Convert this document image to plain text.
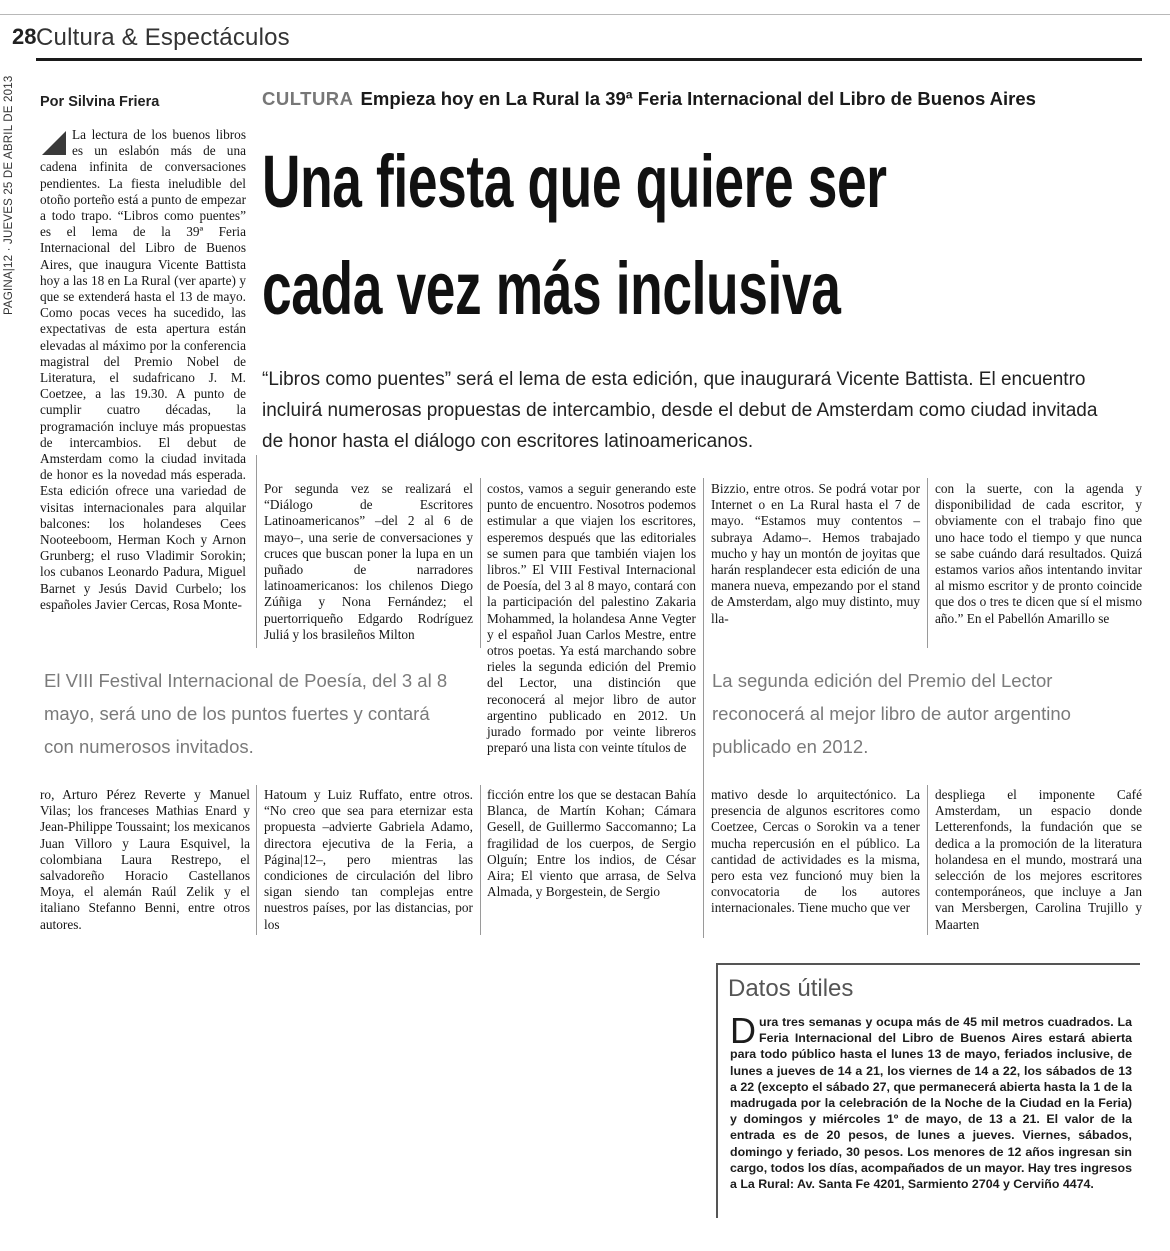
28 Cultura & Espectáculos
PAGINA|12 · JUEVES 25 DE ABRIL DE 2013 Por Silvina Friera	CULTURA Empieza hoy en La Rural la 39ª Feria Internacional del Libro de Buenos Aires
Una fiesta que quiere ser
cada vez más inclusiva
“Libros como puentes” será el lema de esta edición, que inaugurará Vicente Battista. El encuentro incluirá numerosas propuestas de intercambio, desde el debut de Amsterdam como ciudad invitada de honor hasta el diálogo con escritores latinoamericanos.
La lectura de los buenos libros es un eslabón más de una cadena infinita de conversaciones pendientes. La fiesta ineludible del otoño porteño está a punto de empezar a todo trapo. “Libros como puentes” es el lema de la 39ª Feria Internacional del Libro de Buenos Aires, que inaugura Vicente Battista hoy a las 18 en La Rural (ver aparte) y que se extenderá hasta el 13 de mayo. Como pocas veces ha sucedido, las expectativas de esta apertura están elevadas al máximo por la conferencia magistral del Premio Nobel de Literatura, el sudafricano J. M. Coetzee, a las 19.30. A punto de cumplir cuatro décadas, la programación incluye más propuestas de intercambios. El debut de Amsterdam como la ciudad invitada de honor es la novedad más esperada. Esta edición ofrece una variedad de visitas internacionales para alquilar balcones: los holandeses Cees Nooteeboom, Herman Koch y Arnon Grunberg; el ruso Vladimir Sorokin; los cubanos Leonardo Padura, Miguel Barnet y Jesús David Curbelo; los españoles Javier Cercas, Rosa Monte-
Por segunda vez se realizará el “Diálogo de Escritores Latinoamericanos” –del 2 al 6 de mayo–, una serie de conversaciones y cruces que buscan poner la lupa en un puñado de narradores latinoamericanos: los chilenos Diego Zúñiga y Nona Fernández; el puertorriqueño Edgardo Rodríguez Juliá y los brasileños Milton
costos, vamos a seguir generando este punto de encuentro. Nosotros podemos estimular a que viajen los escritores, esperemos después que las editoriales se sumen para que también viajen los libros.” El VIII Festival Internacional de Poesía, del 3 al 8 mayo, contará con la participación del palestino Zakaria Mohammed, la holandesa Anne Vegter y el español Juan Carlos Mestre, entre otros poetas. Ya está marchando sobre rieles la segunda edición del Premio del Lector, una distinción que reconocerá al mejor libro de autor argentino publicado en 2012. Un jurado formado por veinte libreros preparó una lista con veinte títulos de
Bizzio, entre otros. Se podrá votar por Internet o en La Rural hasta el 7 de mayo. “Estamos muy contentos –subraya Adamo–. Hemos trabajado mucho y hay un montón de joyitas que harán resplandecer esta edición de una manera nueva, empezando por el stand de Amsterdam, algo muy distinto, muy lla-
con la suerte, con la agenda y disponibilidad de cada escritor, y obviamente con el trabajo fino que uno hace todo el tiempo y que nunca se sabe cuándo dará resultados. Quizá estamos varios años intentando invitar al mismo escritor y de pronto coincide que dos o tres te dicen que sí el mismo año.” En el Pabellón Amarillo se
El VIII Festival Internacional de Poesía, del 3 al 8 mayo, será uno de los puntos fuertes y contará con numerosos invitados.
La segunda edición del Premio del Lector reconocerá al mejor libro de autor argentino publicado en 2012.
ro, Arturo Pérez Reverte y Manuel Vilas; los franceses Mathias Enard y Jean-Philippe Toussaint; los mexicanos Juan Villoro y Laura Esquivel, la colombiana Laura Restrepo, el salvadoreño Horacio Castellanos Moya, el alemán Raúl Zelik y el italiano Stefanno Benni, entre otros autores.
Hatoum y Luiz Ruffato, entre otros. “No creo que sea para eternizar esta propuesta –advierte Gabriela Adamo, directora ejecutiva de la Feria, a Página|12–, pero mientras las condiciones de circulación del libro sigan siendo tan complejas entre nuestros países, por las distancias, por los
ficción entre los que se destacan Bahía Blanca, de Martín Kohan; Cámara Gesell, de Guillermo Saccomanno; La fragilidad de los cuerpos, de Sergio Olguín; Entre los indios, de César Aira; El viento que arrasa, de Selva Almada, y Borgestein, de Sergio
mativo desde lo arquitectónico. La presencia de algunos escritores como Coetzee, Cercas o Sorokin va a tener mucha repercusión en el público. La cantidad de actividades es la misma, pero esta vez funcionó muy bien la convocatoria de los autores internacionales. Tiene mucho que ver
despliega el imponente Café Amsterdam, un espacio donde Letterenfonds, la fundación que se dedica a la promoción de la literatura holandesa en el mundo, mostrará una selección de los mejores escritores contemporáneos, que incluye a Jan van Mersbergen, Carolina Trujillo y Maarten
Datos útiles
Dura tres semanas y ocupa más de 45 mil metros cuadrados. La Feria Internacional del Libro de Buenos Aires estará abierta para todo público hasta el lunes 13 de mayo, feriados inclusive, de lunes a jueves de 14 a 21, los viernes de 14 a 22, los sábados de 13 a 22 (excepto el sábado 27, que permanecerá abierta hasta la 1 de la madrugada por la celebración de la Noche de la Ciudad en la Feria) y domingos y miércoles 1º de mayo, de 13 a 21. El valor de la entrada es de 20 pesos, de lunes a jueves. Viernes, sábados, domingo y feriado, 30 pesos. Los menores de 12 años ingresan sin cargo, todos los días, acompañados de un mayor. Hay tres ingresos a La Rural: Av. Santa Fe 4201, Sarmiento 2704 y Cerviño 4474.
